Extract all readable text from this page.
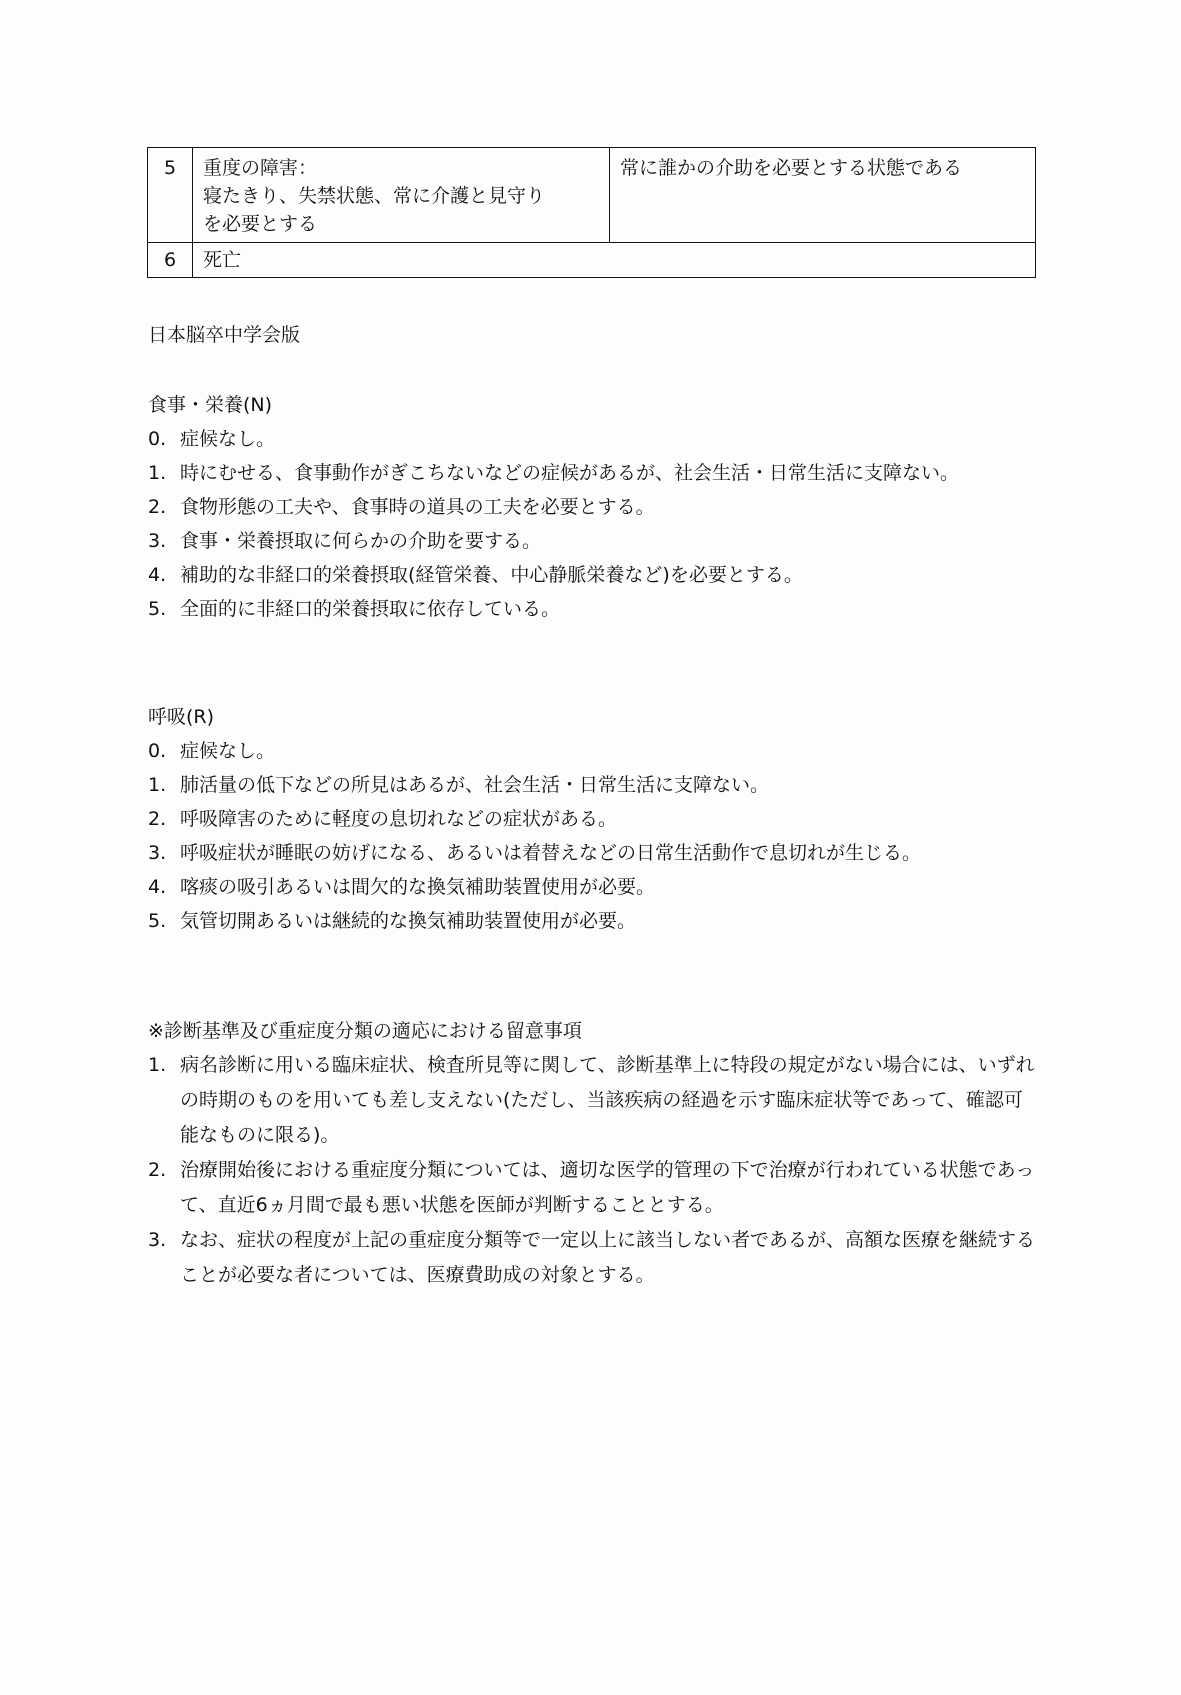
5	重度の障害：
寝たきり、失禁状態、常に介護と見守り
を必要とする	常に誰かの介助を必要とする状態である
6	死亡	
日本脳卒中学会版
食事・栄養(N)
0. 症候なし。
1. 時にむせる、食事動作がぎこちないなどの症候があるが、社会生活・日常生活に支障ない。
2. 食物形態の工夫や、食事時の道具の工夫を必要とする。
3. 食事・栄養摂取に何らかの介助を要する。
4. 補助的な非経口的栄養摂取(経管栄養、中心静脈栄養など)を必要とする。
5. 全面的に非経口的栄養摂取に依存している。
呼吸(R)
0. 症候なし。
1. 肺活量の低下などの所見はあるが、社会生活・日常生活に支障ない。
2. 呼吸障害のために軽度の息切れなどの症状がある。
3. 呼吸症状が睡眠の妨げになる、あるいは着替えなどの日常生活動作で息切れが生じる。
4. 喀痰の吸引あるいは間欠的な換気補助装置使用が必要。
5. 気管切開あるいは継続的な換気補助装置使用が必要。
※診断基準及び重症度分類の適応における留意事項
1. 病名診断に用いる臨床症状、検査所見等に関して、診断基準上に特段の規定がない場合には、いずれの時期のものを用いても差し支えない(ただし、当該疾病の経過を示す臨床症状等であって、確認可能なものに限る)。
2. 治療開始後における重症度分類については、適切な医学的管理の下で治療が行われている状態であって、直近6ヵ月間で最も悪い状態を医師が判断することとする。
3. なお、症状の程度が上記の重症度分類等で一定以上に該当しない者であるが、高額な医療を継続することが必要な者については、医療費助成の対象とする。
